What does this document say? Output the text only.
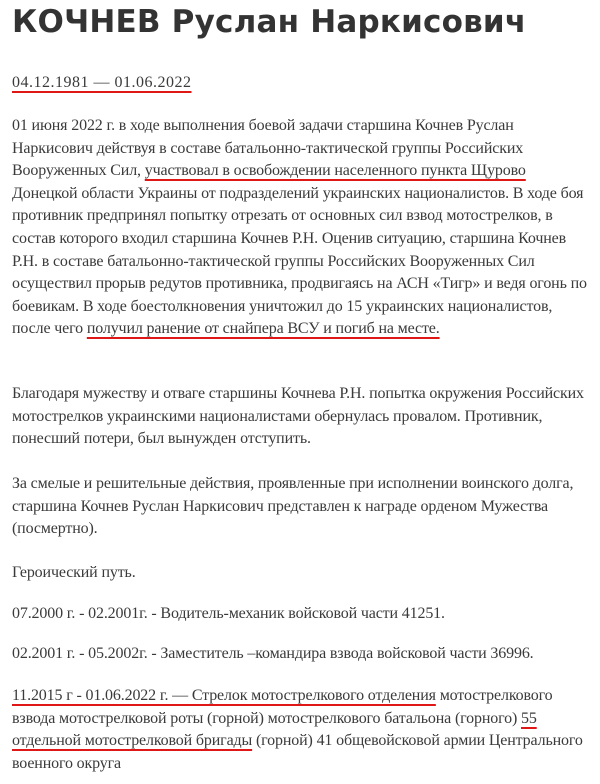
КОЧНЕВ Руслан Наркисович
04.12.1981 — 01.06.2022
01 июня 2022 г. в ходе выполнения боевой задачи старшина Кочнев Руслан Наркисович действуя в составе батальонно-тактической группы Российских Вооруженных Сил, участвовал в освобождении населенного пункта Щурово Донецкой области Украины от подразделений украинских националистов. В ходе боя противник предпринял попытку отрезать от основных сил взвод мотострелков, в состав которого входил старшина Кочнев Р.Н. Оценив ситуацию, старшина Кочнев Р.Н. в составе батальонно-тактической группы Российских Вооруженных Сил осуществил прорыв редутов противника, продвигаясь на АСН «Тигр» и ведя огонь по боевикам. В ходе боестолкновения уничтожил до 15 украинских националистов, после чего получил ранение от снайпера ВСУ и погиб на месте.
Благодаря мужеству и отваге старшины Кочнева Р.Н. попытка окружения Российских мотострелков украинскими националистами обернулась провалом. Противник, понесший потери, был вынужден отступить.
За смелые и решительные действия, проявленные при исполнении воинского долга, старшина Кочнев Руслан Наркисович представлен к награде орденом Мужества (посмертно).
Героический путь.
07.2000 г. - 02.2001г. - Водитель-механик войсковой части 41251.
02.2001 г. - 05.2002г. - Заместитель –командира взвода войсковой части 36996.
11.2015 г - 01.06.2022 г. — Стрелок мотострелкового отделения мотострелкового взвода мотострелковой роты (горной) мотострелкового батальона (горного) 55 отдельной мотострелковой бригады (горной) 41 общевойсковой армии Центрального военного округа
